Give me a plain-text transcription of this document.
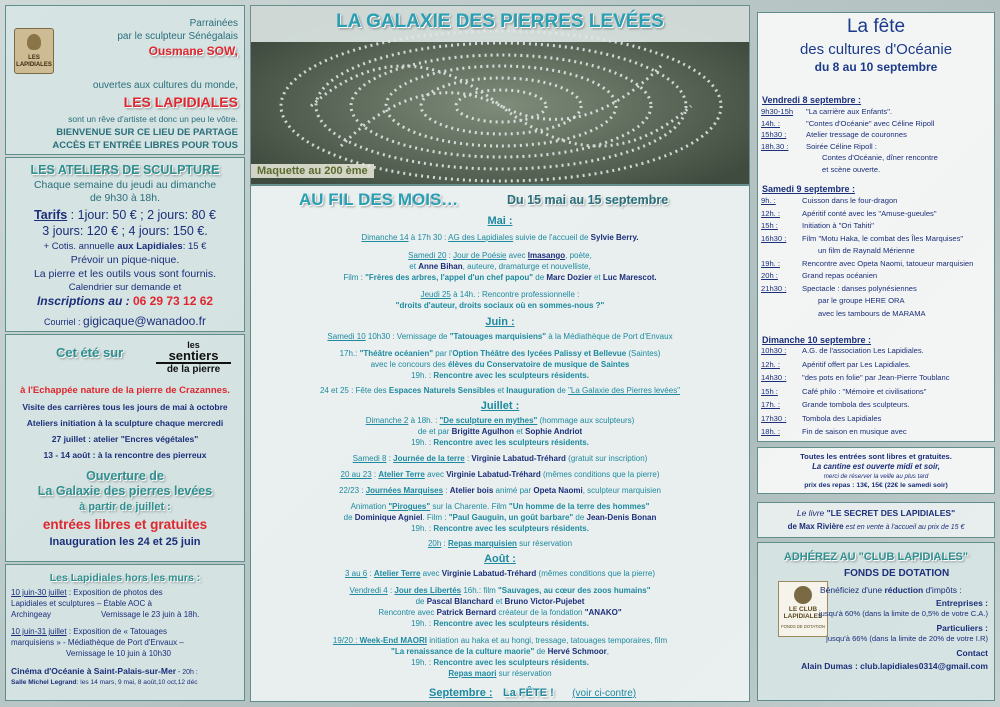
LES LAPIDIALES
Parrainées
par le sculpteur Sénégalais
Ousmane SOW,
ouvertes aux cultures du monde,
LES LAPIDIALES
sont un rêve d'artiste et donc un peu le vôtre.
BIENVENUE SUR CE LIEU DE PARTAGE
ACCÈS ET ENTRÉE LIBRES POUR TOUS
LES ATELIERS DE SCULPTURE
Chaque semaine du jeudi au dimanche
de 9h30 à 18h.
Tarifs : 1jour: 50 € ; 2 jours: 80 €
3 jours: 120 € ; 4 jours: 150 €.
+ Cotis. annuelle aux Lapidiales: 15 €
Prévoir un pique-nique.
La pierre et les outils vous sont fournis.
Calendrier sur demande et
Inscriptions au : 06 29 73 12 62
Courriel : gigicaque@wanadoo.fr
Cet été sur	les
sentiers
de la pierre
à l'Echappée nature de la pierre de Crazannes.
Visite des carrières tous les jours de mai à octobre
Ateliers initiation à la sculpture chaque mercredi
27 juillet : atelier "Encres végétales"
13 - 14 août : à la rencontre des pierreux
Ouverture de
La Galaxie des pierres levées
à partir de juillet :
entrées libres et gratuites
Inauguration les 24 et 25 juin
Les Lapidiales hors les murs :
10 juin-30 juillet : Exposition de photos des
Lapidiales et sculptures – Étable AOC à
Archingeay	Vernissage le 23 juin à 18h.
10 juin-31 juillet : Exposition de « Tatouages
marquisiens » - Médiathèque de Port d'Envaux –
Vernissage le 10 juin à 10h30
Cinéma d'Océanie à Saint-Palais-sur-Mer - 20h :
Salle Michel Legrand: les 14 mars, 9 mai, 8 août,10 oct,12 déc
LA GALAXIE DES PIERRES LEVÉES
Maquette au 200 ème
AU FIL DES MOIS…	Du 15 mai au 15 septembre
Mai :
Dimanche 14 à 17h 30 : AG des Lapidiales suivie de l'accueil de Sylvie Berry.
Samedi 20 : Jour de Poésie avec Imasango, poète,
et Anne Bihan, auteure, dramaturge et nouvelliste,
Film : "Frères des arbres, l'appel d'un chef papou" de Marc Dozier et Luc Marescot.
Jeudi 25 à 14h. : Rencontre professionnelle :
"droits d'auteur, droits sociaux où en sommes-nous ?"
Juin :
Samedi 10 10h30 : Vernissage de "Tatouages marquisiens" à la Médiathèque de Port d'Envaux
17h.: "Théâtre océanien" par l'Option Théâtre des lycées Palissy et Bellevue (Saintes)
avec le concours des élèves du Conservatoire de musique de Saintes
19h. : Rencontre avec les sculpteurs résidents.
24 et 25 : Fête des Espaces Naturels Sensibles et Inauguration de "La Galaxie des Pierres levées"
Juillet :
Dimanche 2 à 18h. : "De sculpture en mythes" (hommage aux sculpteurs)
de et par Brigitte Agulhon et Sophie Andriot
19h. : Rencontre avec les sculpteurs résidents.
Samedi 8 : Journée de la terre : Virginie Labatud-Tréhard (gratuit sur inscription)
20 au 23 : Atelier Terre avec Virginie Labatud-Tréhard (mêmes conditions que la pierre)
22/23 : Journées Marquises : Atelier bois animé par Opeta Naomi, sculpteur marquisien
Animation "Pirogues" sur la Charente. Film "Un homme de la terre des hommes"
de Dominique Agniel. Film : "Paul Gauguin, un goût barbare" de Jean-Denis Bonan
19h. : Rencontre avec les sculpteurs résidents.
20h : Repas marquisien sur réservation
Août :
3 au 6 : Atelier Terre avec Virginie Labatud-Tréhard (mêmes conditions que la pierre)
Vendredi 4 : Jour des Libertés 16h.: film "Sauvages, au cœur des zoos humains"
de Pascal Blanchard et Bruno Victor-Pujebet
Rencontre avec Patrick Bernard créateur de la fondation "ANAKO"
19h. : Rencontre avec les sculpteurs résidents.
19/20 : Week-End MAORI initiation au haka et au hongi, tressage, tatouages temporaires, film
"La renaissance de la culture maorie" de Hervé Schmoor,
19h. : Rencontre avec les sculpteurs résidents.
Repas maori sur réservation
Septembre : La FÊTE ! (voir ci-contre)
La fête
des cultures d'Océanie
du 8 au 10 septembre
Vendredi 8 septembre :
9h30-15h "La carrière aux Enfants".
14h. :	"Contes d'Océanie" avec Céline Ripoll
15h30 :	Atelier tressage de couronnes
18h.30 : Soirée Céline Ripoll :
Contes d'Océanie, dîner rencontre
et scène ouverte.
Samedi 9 septembre :
9h. :	Cuisson dans le four-dragon
12h. :	Apéritif conté avec les "Amuse-gueules"
15h :	Initiation à "Ori Tahiti"
16h30 : Film "Motu Haka, le combat des Îles Marquises"
un film de Raynald Mérienne
19h. :	Rencontre avec Opeta Naomi, tatoueur marquisien
20h :	Grand repas océanien
21h30 : Spectacle : danses polynésiennes
par le groupe HERE ORA
avec les tambours de MARAMA
Dimanche 10 septembre :
10h30 : A.G. de l'association Les Lapidiales.
12h. :	Apéritif offert par Les Lapidiales.
14h30 : "des pots en folie" par Jean-Pierre Toublanc
15h :	Café philo : "Mémoire et civilisations"
17h. :	Grande tombola des sculpteurs.
17h30 : Tombola des Lapidiales
18h. :	Fin de saison en musique avec
Toutes les entrées sont libres et gratuites.
La cantine est ouverte midi et soir,
merci de réserver la veille au plus tard
prix des repas : 13€, 15€ (22€ le samedi soir)
Le livre "LE SECRET DES LAPIDIALES"
de Max Rivière est en vente à l'accueil au prix de 15 €
ADHÉREZ AU "CLUB LAPIDIALES"
FONDS DE DOTATION
LE CLUB
LAPIDIALES
FONDS DE DOTATION
Bénéficiez d'une réduction d'impôts :
Entreprises :
jusqu'à 60% (dans la limite de 0,5% de votre C.A.)
Particuliers :
jusqu'à 66% (dans la limite de 20% de votre I.R)
Contact
Alain Dumas : club.lapidiales0314@gmail.com
